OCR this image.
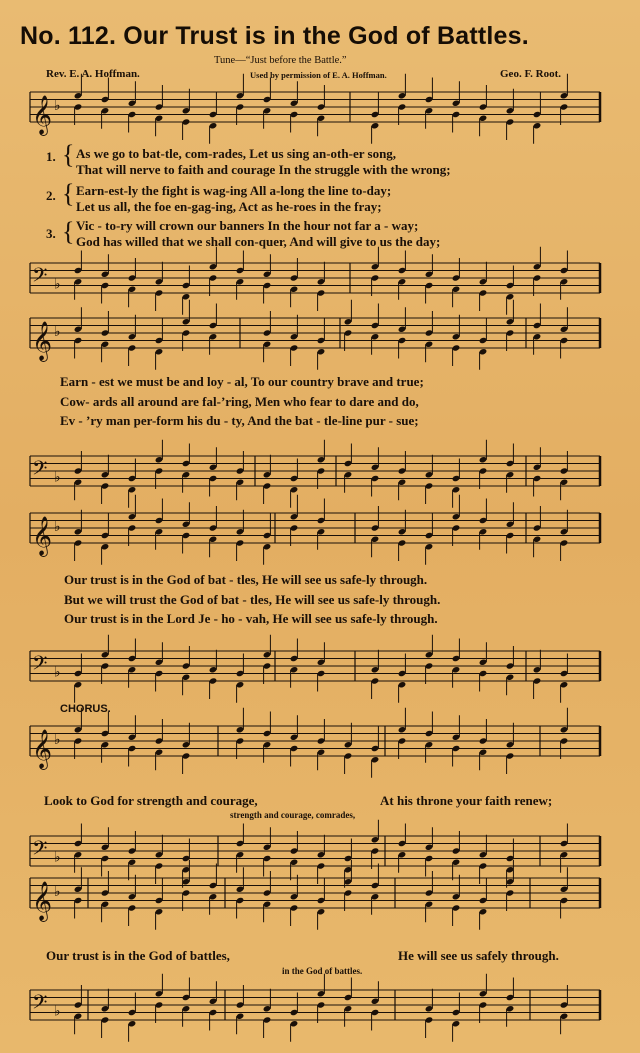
𝄞 ♭
𝄢 ♭
𝄞 ♭
𝄢 ♭
𝄞 ♭
𝄢 ♭
𝄞 ♭
𝄢 ♭
𝄞 ♭
𝄢 ♭
No. 112. Our Trust is in the God of Battles.
Tune—“Just before the Battle.”
Rev. E. A. Hoffman.	Used by permission of E. A. Hoffman.	Geo. F. Root.
1.
2.
3.
{
{
{
As we go to bat-tle, com-rades, Let us sing an-oth-er song,
That will nerve to faith and courage In the struggle with the wrong;
Earn-est-ly the fight is wag-ing All a-long the line to-day;
Let us all, the foe en-gag-ing, Act as he-roes in the fray;
Vic - to-ry will crown our banners In the hour not far a - way;
God has willed that we shall con-quer, And will give to us the day;
Earn - est we must be and loy - al, To our country brave and true;
Cow- ards all around are fal-’ring, Men who fear to dare and do,
Ev - ’ry man per-form his du - ty, And the bat - tle-line pur - sue;
Our trust is in the God of bat - tles, He will see us safe-ly through.
But we will trust the God of bat - tles, He will see us safe-ly through.
Our trust is in the Lord Je - ho - vah, He will see us safe-ly through.
CHORUS.
Look to God for strength and courage,	At his throne your faith renew;
strength and courage, comrades,
Our trust is in the God of battles,	He will see us safely through.
in the God of battles.
